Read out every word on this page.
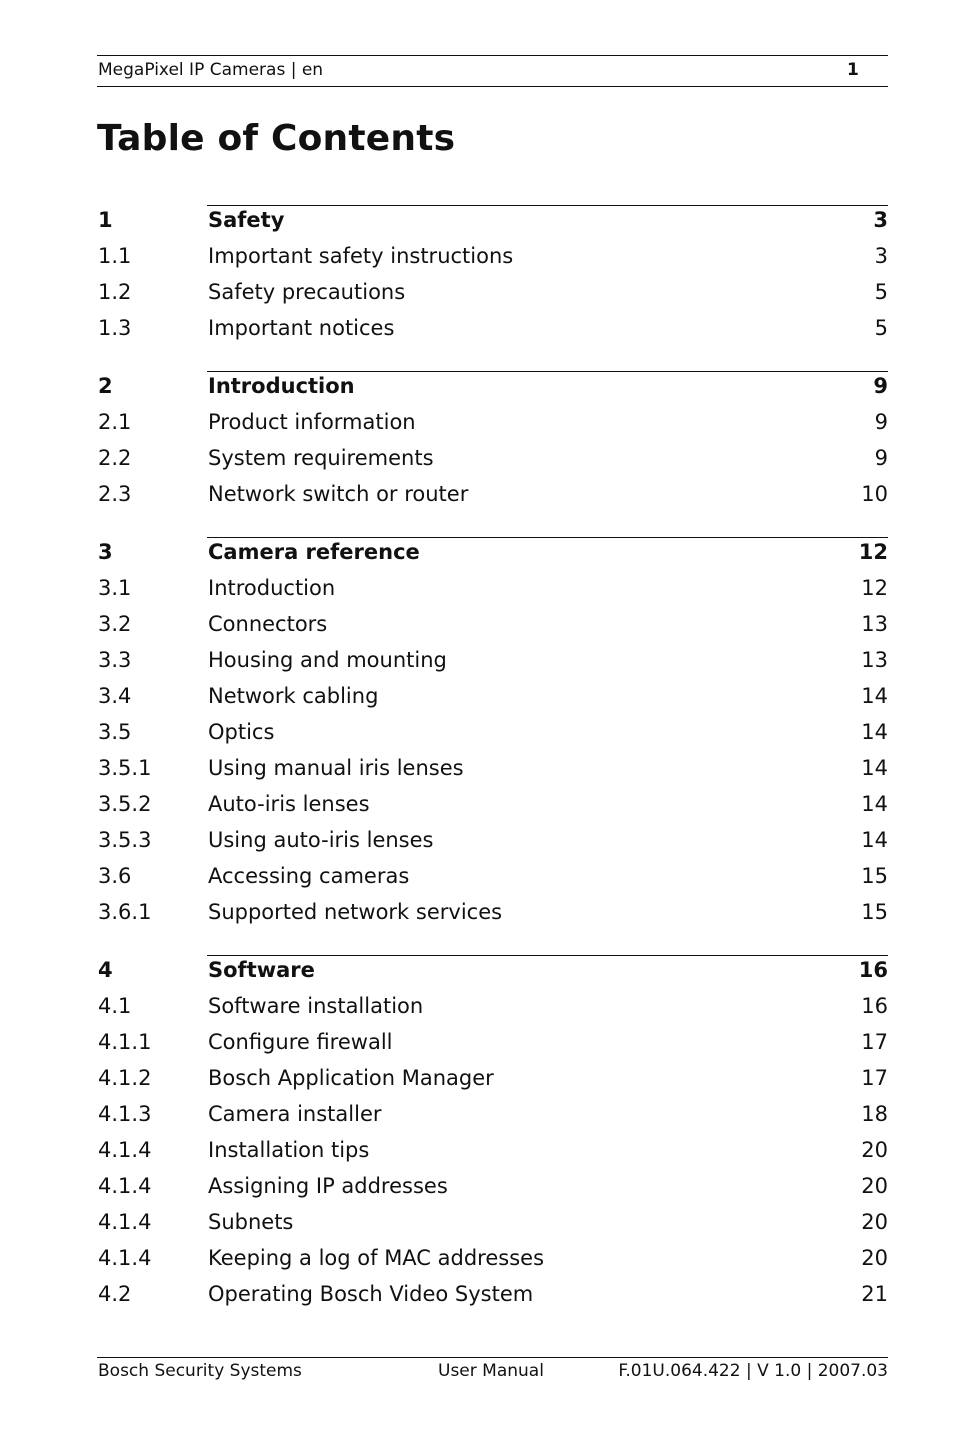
MegaPixel IP Cameras | en	1
Table of Contents
1	Safety	3
1.1	Important safety instructions	3
1.2	Safety precautions	5
1.3	Important notices	5
2	Introduction	9
2.1	Product information	9
2.2	System requirements	9
2.3	Network switch or router	10
3	Camera reference	12
3.1	Introduction	12
3.2	Connectors	13
3.3	Housing and mounting	13
3.4	Network cabling	14
3.5	Optics	14
3.5.1	Using manual iris lenses	14
3.5.2	Auto-iris lenses	14
3.5.3	Using auto-iris lenses	14
3.6	Accessing cameras	15
3.6.1	Supported network services	15
4	Software	16
4.1	Software installation	16
4.1.1	Configure firewall	17
4.1.2	Bosch Application Manager	17
4.1.3	Camera installer	18
4.1.4	Installation tips	20
4.1.4	Assigning IP addresses	20
4.1.4	Subnets	20
4.1.4	Keeping a log of MAC addresses	20
4.2	Operating Bosch Video System	21
Bosch Security Systems	User Manual	F.01U.064.422 | V 1.0 | 2007.03
